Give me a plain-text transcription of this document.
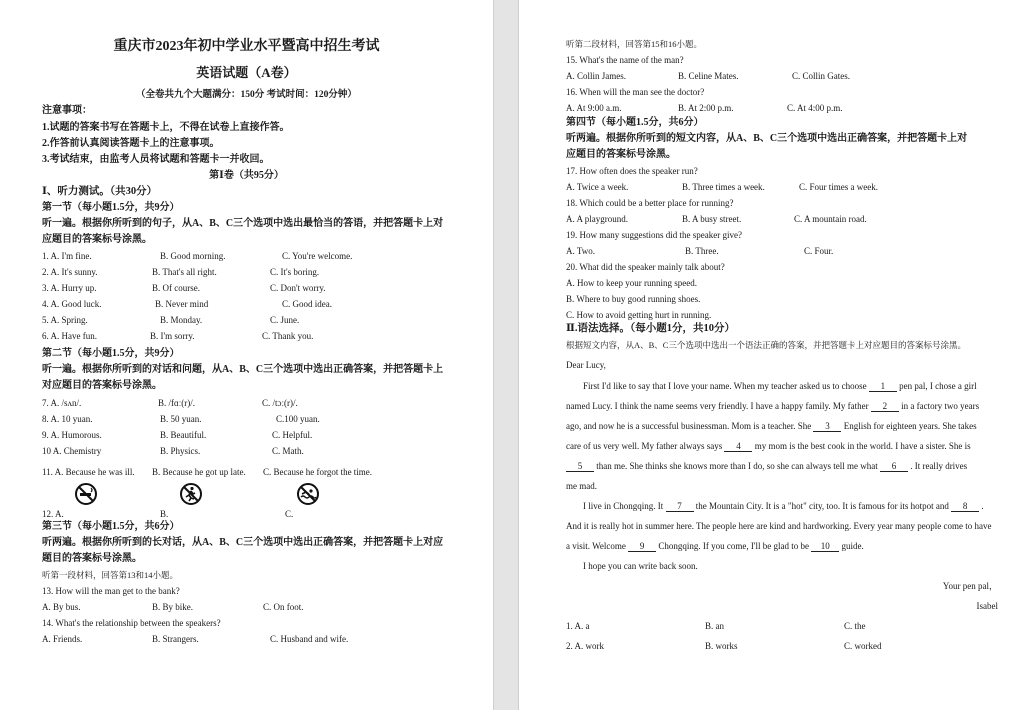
重庆市2023年初中学业水平暨高中招生考试
英语试题（A卷）
（全卷共九个大题满分：150分 考试时间：120分钟）
注意事项：
1.试题的答案书写在答题卡上，不得在试卷上直接作答。
2.作答前认真阅读答题卡上的注意事项。
3.考试结束，由监考人员将试题和答题卡一并收回。
第Ⅰ卷（共95分）
Ⅰ、听力测试。（共30分）
第一节（每小题1.5分，共9分）
听一遍。根据你所听到的句子，从A、B、C三个选项中选出最恰当的答语，并把答题卡上对
应题目的答案标号涂黑。
1. A. I'm fine.	B. Good morning.	C. You're welcome.
2. A. It's sunny.	B. That's all right.	C. It's boring.
3. A. Hurry up.	B. Of course.	C. Don't worry.
4. A. Good luck.	B. Never mind	C. Good idea.
5. A. Spring.	B. Monday.	C. June.
6. A. Have fun.	B. I'm sorry.	C. Thank you.
第二节（每小题1.5分，共9分）
听一遍。根据你所听到的对话和问题，从A、B、C三个选项中选出正确答案，并把答题卡上
对应题目的答案标号涂黑。
7. A. /sʌn/.	B. /fɑː(r)/.	C. /tɔː(r)/.
8. A. 10 yuan.	B. 50 yuan.	C.100 yuan.
9. A. Humorous.	B. Beautiful.	C. Helpful.
10 A. Chemistry	B. Physics.	C. Math.
11. A. Because he was ill. B. Because he got up late. C. Because he forgot the time.
12. A.	B.	C.
第三节（每小题1.5分，共6分）
听两遍。根据你所听到的长对话，从A、B、C三个选项中选出正确答案，并把答题卡上对应
题目的答案标号涂黑。
听第一段材料，回答第13和14小题。
13. How will the man get to the bank?
A. By bus.	B. By bike.	C. On foot.
14. What's the relationship between the speakers?
A. Friends.	B. Strangers.	C. Husband and wife.
听第二段材料，回答第15和16小题。
15. What's the name of the man?
A. Collin James.	B. Celine Mates.	C. Collin Gates.
16. When will the man see the doctor?
A. At 9:00 a.m.	B. At 2:00 p.m.	C. At 4:00 p.m.
第四节（每小题1.5分，共6分）
听两遍。根据你所听到的短文内容，从A、B、C三个选项中选出正确答案，并把答题卡上对
应题目的答案标号涂黑。
17. How often does the speaker run?
A. Twice a week.	B. Three times a week.	C. Four times a week.
18. Which could be a better place for running?
A. A playground.	B. A busy street.	C. A mountain road.
19. How many suggestions did the speaker give?
A. Two.	B. Three.	C. Four.
20. What did the speaker mainly talk about?
A. How to keep your running speed.
B. Where to buy good running shoes.
C. How to avoid getting hurt in running.
Ⅱ.语法选择。（每小题1分，共10分）
根据短文内容，从A、B、C三个选项中选出一个语法正确的答案，并把答题卡上对应题目的答案标号涂黑。
Dear Lucy,
First I'd like to say that I love your name. When my teacher asked us to choose 1 pen pal, I chose a girl
named Lucy. I think the name seems very friendly. I have a happy family. My father 2 in a factory two years
ago, and now he is a successful businessman. Mom is a teacher. She 3 English for eighteen years. She takes
care of us very well. My father always says 4 my mom is the best cook in the world. I have a sister. She is
5 than me. She thinks she knows more than I do, so she can always tell me what 6 . It really drives
me mad.
I live in Chongqing. It 7 the Mountain City. It is a "hot" city, too. It is famous for its hotpot and 8 .
And it is really hot in summer here. The people here are kind and hardworking. Every year many people come to have
a visit. Welcome 9 Chongqing. If you come, I'll be glad to be 10 guide.
I hope you can write back soon.
Your pen pal，
Isabel
1. A. a	B. an	C. the
2. A. work	B. works	C. worked
